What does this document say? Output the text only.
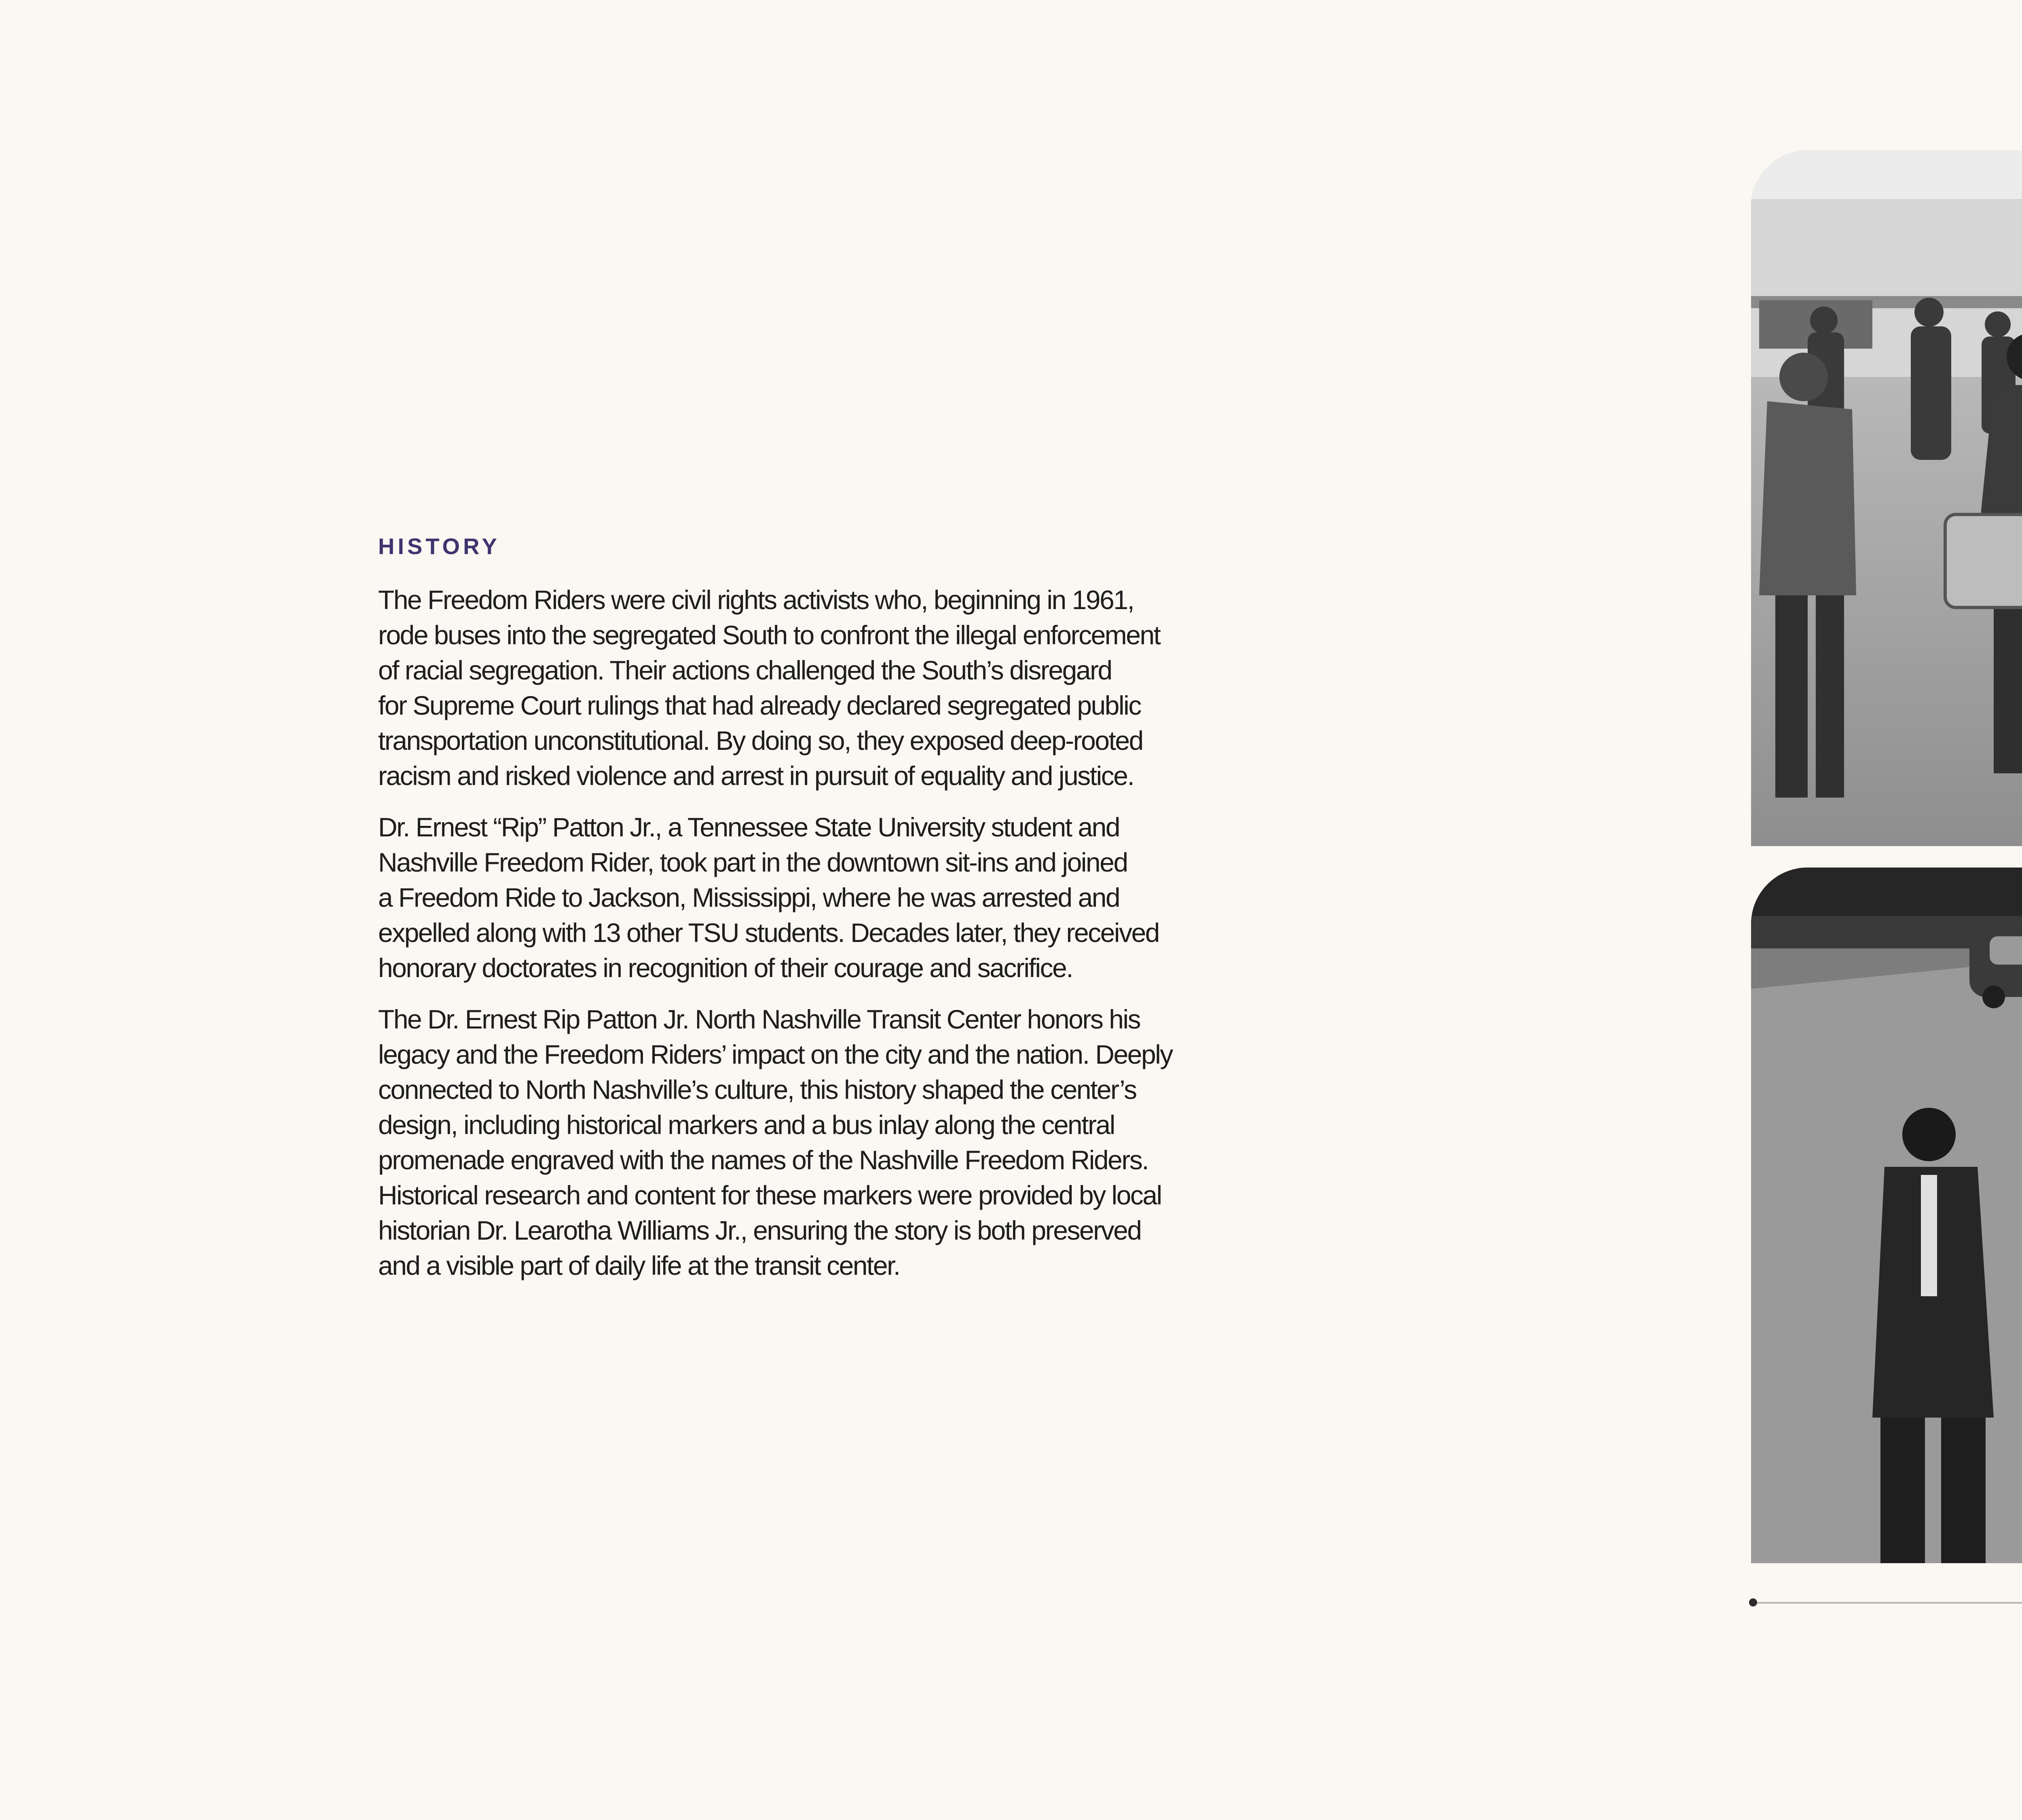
HISTORY

The Freedom Riders were civil rights activists who, beginning in 1961,
rode buses into the segregated South to confront the illegal enforcement
of racial segregation. Their actions challenged the South’s disregard
for Supreme Court rulings that had already declared segregated public
transportation unconstitutional. By doing so, they exposed deep-rooted
racism and risked violence and arrest in pursuit of equality and justice.

Dr. Ernest “Rip” Patton Jr., a Tennessee State University student and
Nashville Freedom Rider, took part in the downtown sit-ins and joined
a Freedom Ride to Jackson, Mississippi, where he was arrested and
expelled along with 13 other TSU students. Decades later, they received
honorary doctorates in recognition of their courage and sacrifice.

The Dr. Ernest Rip Patton Jr. North Nashville Transit Center honors his
legacy and the Freedom Riders’ impact on the city and the nation. Deeply
connected to North Nashville’s culture, this history shaped the center’s
design, including historical markers and a bus inlay along the central
promenade engraved with the names of the Nashville Freedom Riders.
Historical research and content for these markers were provided by local
historian Dr. Learotha Williams Jr., ensuring the story is both preserved
and a visible part of daily life at the transit center.
